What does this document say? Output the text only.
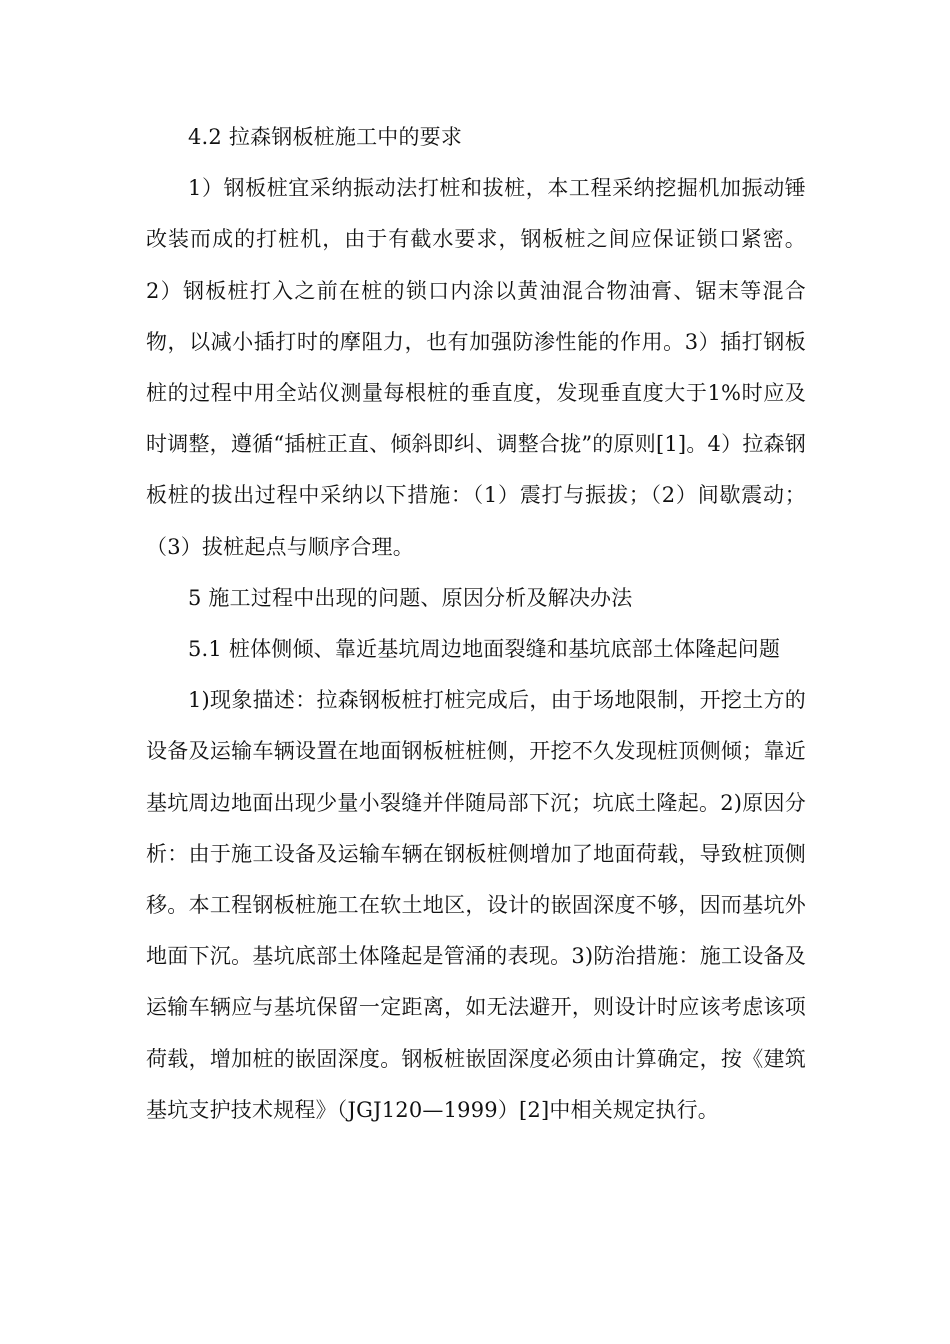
4.2 拉森钢板桩施工中的要求

1）钢板桩宜采纳振动法打桩和拔桩，本工程采纳挖掘机加振动锤改装而成的打桩机，由于有截水要求，钢板桩之间应保证锁口紧密。2）钢板桩打入之前在桩的锁口内涂以黄油混合物油膏、锯末等混合物，以减小插打时的摩阻力，也有加强防渗性能的作用。3）插打钢板桩的过程中用全站仪测量每根桩的垂直度，发现垂直度大于1%时应及时调整，遵循“插桩正直、倾斜即纠、调整合拢”的原则[1]。4）拉森钢板桩的拔出过程中采纳以下措施：（1）震打与振拔；（2）间歇震动；（3）拔桩起点与顺序合理。

5 施工过程中出现的问题、原因分析及解决办法

5.1 桩体侧倾、靠近基坑周边地面裂缝和基坑底部土体隆起问题

1)现象描述：拉森钢板桩打桩完成后，由于场地限制，开挖土方的设备及运输车辆设置在地面钢板桩桩侧，开挖不久发现桩顶侧倾；靠近基坑周边地面出现少量小裂缝并伴随局部下沉；坑底土隆起。2)原因分析：由于施工设备及运输车辆在钢板桩侧增加了地面荷载，导致桩顶侧移。本工程钢板桩施工在软土地区，设计的嵌固深度不够，因而基坑外地面下沉。基坑底部土体隆起是管涌的表现。3)防治措施：施工设备及运输车辆应与基坑保留一定距离，如无法避开，则设计时应该考虑该项荷载，增加桩的嵌固深度。钢板桩嵌固深度必须由计算确定，按《建筑基坑支护技术规程》（JGJ120—1999）[2]中相关规定执行。
